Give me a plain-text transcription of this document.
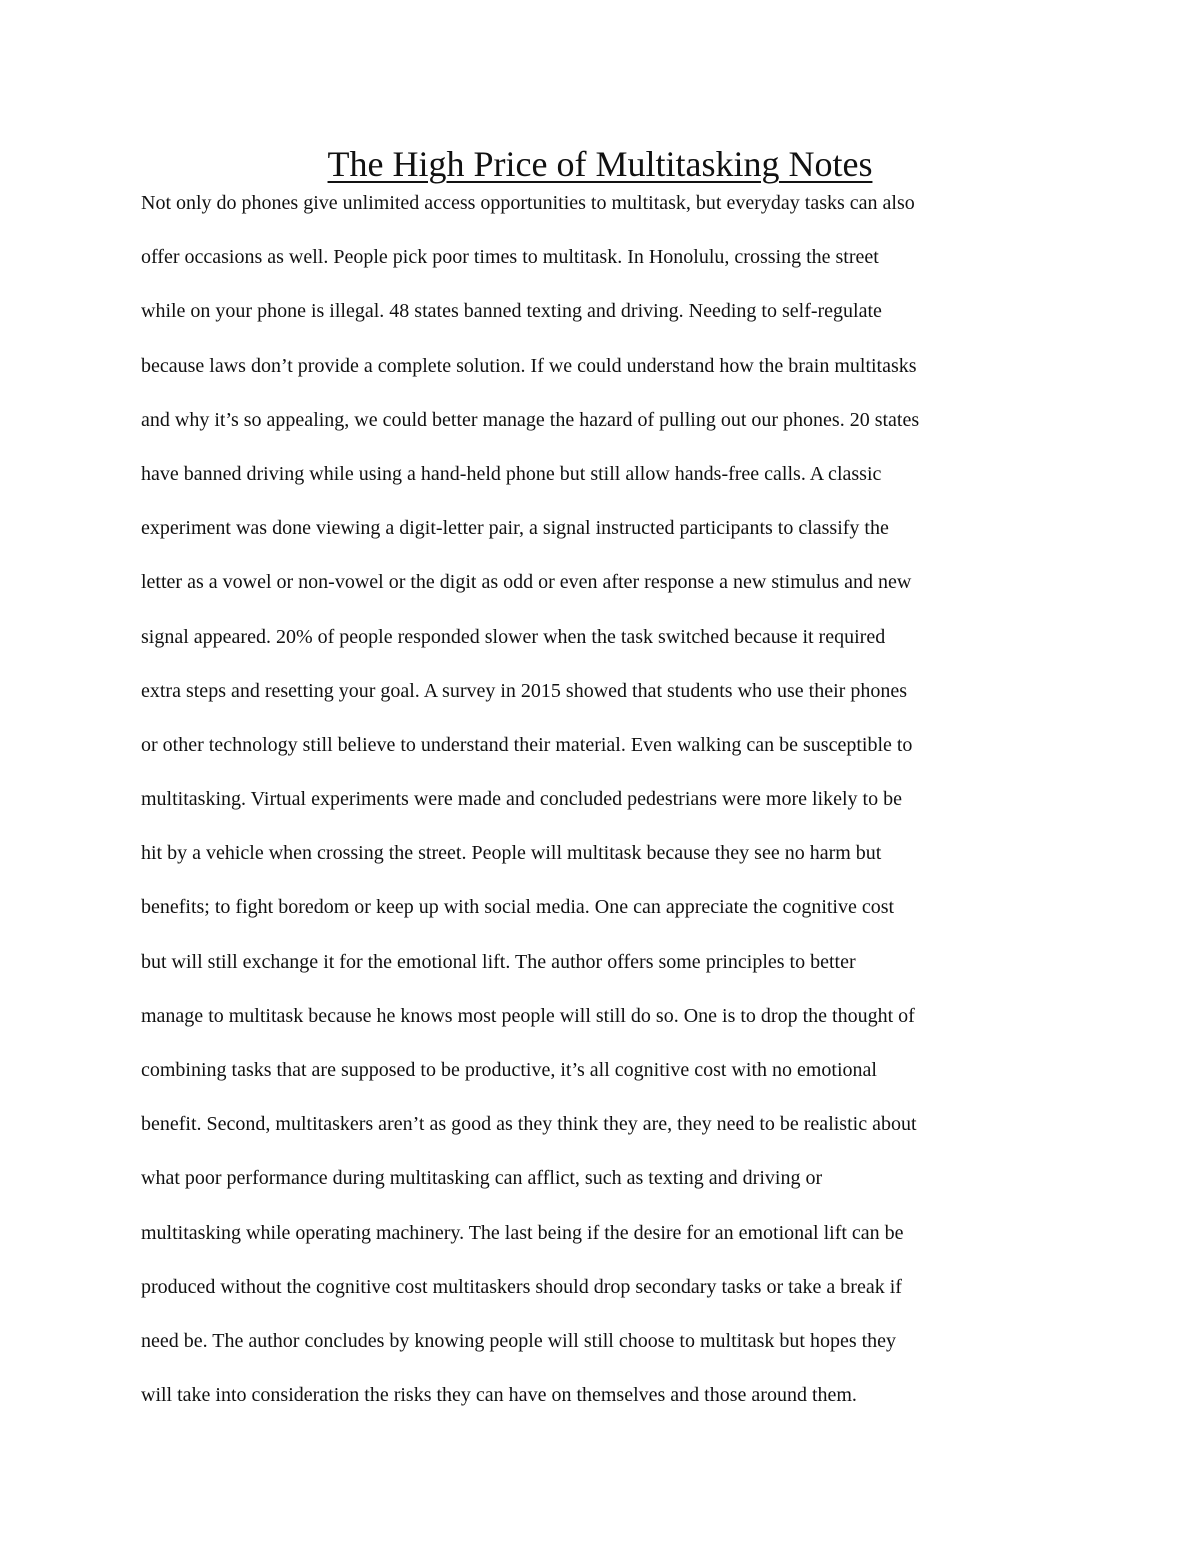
The High Price of Multitasking Notes
Not only do phones give unlimited access opportunities to multitask, but everyday tasks can also
offer occasions as well. People pick poor times to multitask. In Honolulu, crossing the street
while on your phone is illegal. 48 states banned texting and driving. Needing to self-regulate
because laws don’t provide a complete solution. If we could understand how the brain multitasks
and why it’s so appealing, we could better manage the hazard of pulling out our phones. 20 states
have banned driving while using a hand-held phone but still allow hands-free calls. A classic
experiment was done viewing a digit-letter pair, a signal instructed participants to classify the
letter as a vowel or non-vowel or the digit as odd or even after response a new stimulus and new
signal appeared. 20% of people responded slower when the task switched because it required
extra steps and resetting your goal. A survey in 2015 showed that students who use their phones
or other technology still believe to understand their material. Even walking can be susceptible to
multitasking. Virtual experiments were made and concluded pedestrians were more likely to be
hit by a vehicle when crossing the street. People will multitask because they see no harm but
benefits; to fight boredom or keep up with social media. One can appreciate the cognitive cost
but will still exchange it for the emotional lift. The author offers some principles to better
manage to multitask because he knows most people will still do so. One is to drop the thought of
combining tasks that are supposed to be productive, it’s all cognitive cost with no emotional
benefit. Second, multitaskers aren’t as good as they think they are, they need to be realistic about
what poor performance during multitasking can afflict, such as texting and driving or
multitasking while operating machinery. The last being if the desire for an emotional lift can be
produced without the cognitive cost multitaskers should drop secondary tasks or take a break if
need be. The author concludes by knowing people will still choose to multitask but hopes they
will take into consideration the risks they can have on themselves and those around them.
